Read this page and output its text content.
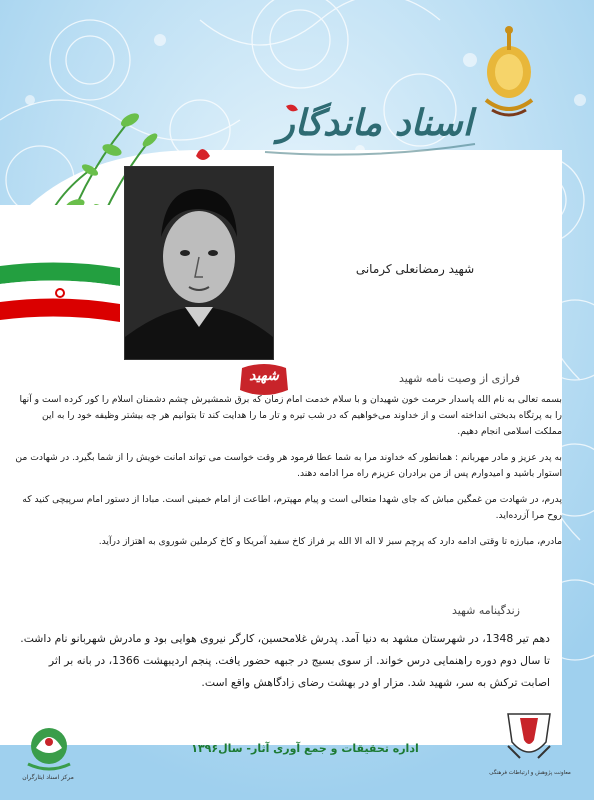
اسناد ماندگار
شهید رمضانعلی کرمانی
شهید	فرازی از وصیت نامه شهید

بسمه تعالی به نام الله پاسدار حرمت خون شهیدان و با سلام خدمت امام زمان که برق شمشیرش چشم دشمنان اسلام را کور کرده است و آنها را به پرتگاه بدبختی انداخته است و از خداوند می‌خواهیم که در شب تیره و تار ما را هدایت کند تا بتوانیم هر چه بیشتر وظیفه خود را به این مملکت اسلامی انجام دهیم.

به پدر عزیز و مادر مهربانم : همانطور که خداوند مرا به شما عطا فرمود هر وقت خواست می تواند امانت خویش را از شما بگیرد. در شهادت من استوار باشید و امیدوارم پس از من برادران عزیزم راه مرا ادامه دهند.

پدرم، در شهادت من غمگین مباش که جای شهدا متعالی است و پیام مهپترم، اطاعت از امام خمینی است. مبادا از دستور امام سرپیچی کنید که روح مرا آزرده‌اید.

مادرم، مبارزه تا وقتی ادامه دارد که پرچم سبز لا اله الا الله بر فراز کاخ سفید آمریکا و کاخ کرملین شوروی به اهتزاز درآید.

زندگینامه شهید

دهم تیر 1348، در شهرستان مشهد به دنیا آمد. پدرش غلامحسین، کارگر نیروی هوایی بود و مادرش شهربانو نام داشت. تا سال دوم دوره راهنمایی درس خواند. از سوی بسیج در جبهه حضور یافت. پنجم اردیبهشت 1366، در بانه بر اثر اصابت ترکش به سر، شهید شد. مزار او در بهشت رضای زادگاهش واقع است.

اداره تحقیقات و جمع آوری آثار- سال۱۳۹۶
مرکز اسناد ایثارگران
معاونت پژوهش و ارتباطات فرهنگی
